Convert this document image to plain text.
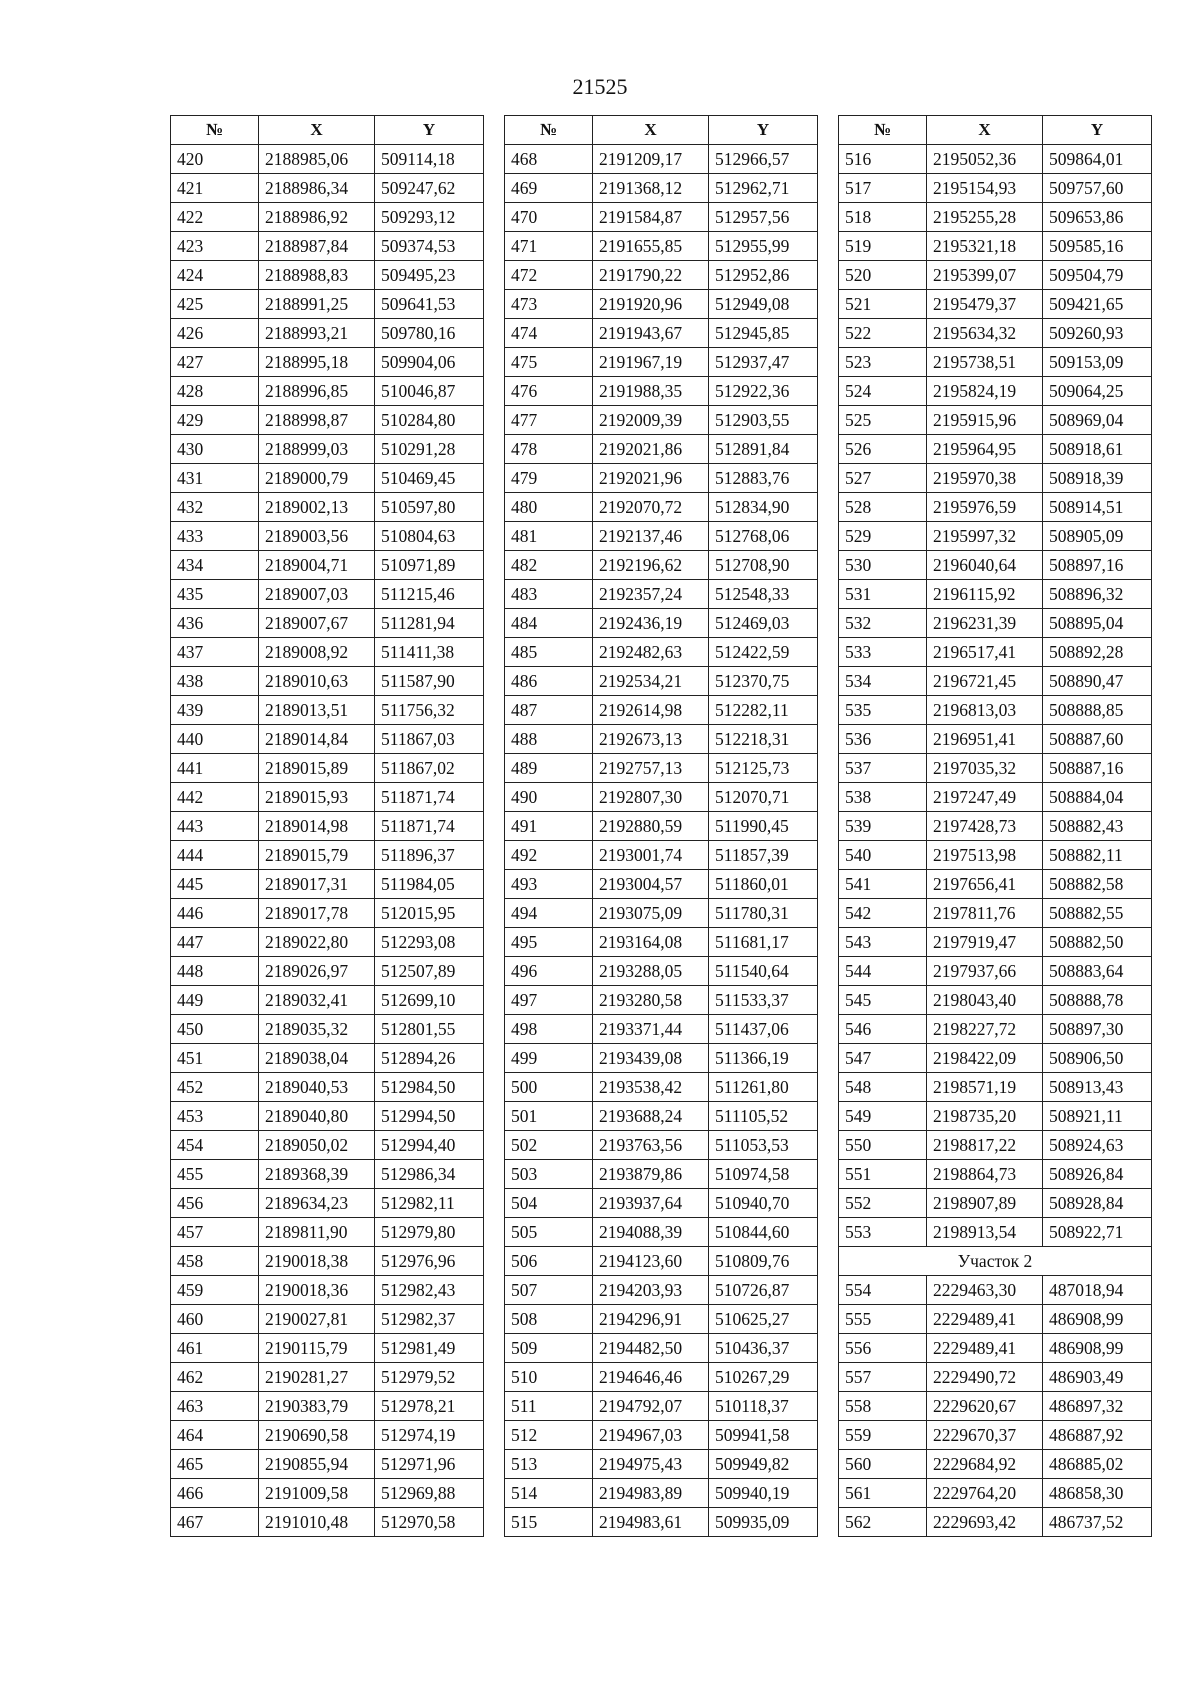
21525
№	X	Y
420	2188985,06	509114,18
421	2188986,34	509247,62
422	2188986,92	509293,12
423	2188987,84	509374,53
424	2188988,83	509495,23
425	2188991,25	509641,53
426	2188993,21	509780,16
427	2188995,18	509904,06
428	2188996,85	510046,87
429	2188998,87	510284,80
430	2188999,03	510291,28
431	2189000,79	510469,45
432	2189002,13	510597,80
433	2189003,56	510804,63
434	2189004,71	510971,89
435	2189007,03	511215,46
436	2189007,67	511281,94
437	2189008,92	511411,38
438	2189010,63	511587,90
439	2189013,51	511756,32
440	2189014,84	511867,03
441	2189015,89	511867,02
442	2189015,93	511871,74
443	2189014,98	511871,74
444	2189015,79	511896,37
445	2189017,31	511984,05
446	2189017,78	512015,95
447	2189022,80	512293,08
448	2189026,97	512507,89
449	2189032,41	512699,10
450	2189035,32	512801,55
451	2189038,04	512894,26
452	2189040,53	512984,50
453	2189040,80	512994,50
454	2189050,02	512994,40
455	2189368,39	512986,34
456	2189634,23	512982,11
457	2189811,90	512979,80
458	2190018,38	512976,96
459	2190018,36	512982,43
460	2190027,81	512982,37
461	2190115,79	512981,49
462	2190281,27	512979,52
463	2190383,79	512978,21
464	2190690,58	512974,19
465	2190855,94	512971,96
466	2191009,58	512969,88
467	2191010,48	512970,58
№	X	Y
468	2191209,17	512966,57
469	2191368,12	512962,71
470	2191584,87	512957,56
471	2191655,85	512955,99
472	2191790,22	512952,86
473	2191920,96	512949,08
474	2191943,67	512945,85
475	2191967,19	512937,47
476	2191988,35	512922,36
477	2192009,39	512903,55
478	2192021,86	512891,84
479	2192021,96	512883,76
480	2192070,72	512834,90
481	2192137,46	512768,06
482	2192196,62	512708,90
483	2192357,24	512548,33
484	2192436,19	512469,03
485	2192482,63	512422,59
486	2192534,21	512370,75
487	2192614,98	512282,11
488	2192673,13	512218,31
489	2192757,13	512125,73
490	2192807,30	512070,71
491	2192880,59	511990,45
492	2193001,74	511857,39
493	2193004,57	511860,01
494	2193075,09	511780,31
495	2193164,08	511681,17
496	2193288,05	511540,64
497	2193280,58	511533,37
498	2193371,44	511437,06
499	2193439,08	511366,19
500	2193538,42	511261,80
501	2193688,24	511105,52
502	2193763,56	511053,53
503	2193879,86	510974,58
504	2193937,64	510940,70
505	2194088,39	510844,60
506	2194123,60	510809,76
507	2194203,93	510726,87
508	2194296,91	510625,27
509	2194482,50	510436,37
510	2194646,46	510267,29
511	2194792,07	510118,37
512	2194967,03	509941,58
513	2194975,43	509949,82
514	2194983,89	509940,19
515	2194983,61	509935,09
№	X	Y
516	2195052,36	509864,01
517	2195154,93	509757,60
518	2195255,28	509653,86
519	2195321,18	509585,16
520	2195399,07	509504,79
521	2195479,37	509421,65
522	2195634,32	509260,93
523	2195738,51	509153,09
524	2195824,19	509064,25
525	2195915,96	508969,04
526	2195964,95	508918,61
527	2195970,38	508918,39
528	2195976,59	508914,51
529	2195997,32	508905,09
530	2196040,64	508897,16
531	2196115,92	508896,32
532	2196231,39	508895,04
533	2196517,41	508892,28
534	2196721,45	508890,47
535	2196813,03	508888,85
536	2196951,41	508887,60
537	2197035,32	508887,16
538	2197247,49	508884,04
539	2197428,73	508882,43
540	2197513,98	508882,11
541	2197656,41	508882,58
542	2197811,76	508882,55
543	2197919,47	508882,50
544	2197937,66	508883,64
545	2198043,40	508888,78
546	2198227,72	508897,30
547	2198422,09	508906,50
548	2198571,19	508913,43
549	2198735,20	508921,11
550	2198817,22	508924,63
551	2198864,73	508926,84
552	2198907,89	508928,84
553	2198913,54	508922,71
Участок 2		
554	2229463,30	487018,94
555	2229489,41	486908,99
556	2229489,41	486908,99
557	2229490,72	486903,49
558	2229620,67	486897,32
559	2229670,37	486887,92
560	2229684,92	486885,02
561	2229764,20	486858,30
562	2229693,42	486737,52
